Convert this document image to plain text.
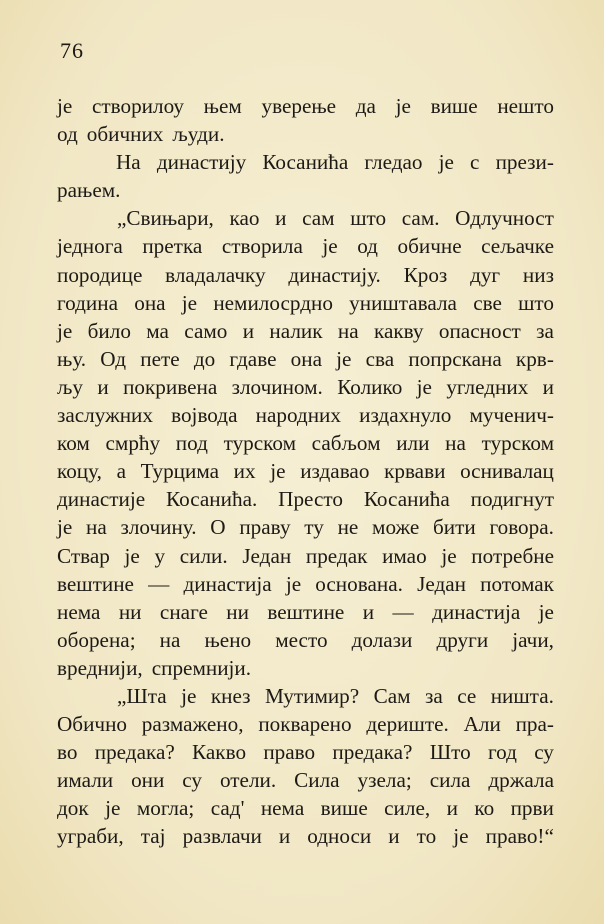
76
је створилоу њем уверење да је више нешто
од обичних људи.
На династију Косанића гледао је с прези-
рањем.
„Свињари, као и сам што сам. Одлучност
једнога претка створила је од обичне сељачке
породице владалачку династију. Кроз дуг низ
година она је немилосрдно уништавала све што
је било ма само и налик на какву опасност за
њу. Од пете до гдаве она је сва попрскана крв-
љу и покривена злочином. Колико је угледних и
заслужних војвода народних издахнуло мученич-
ком смрћу под турском сабљом или на турском
коцу, а Турцима их је издавао крвави оснивалац
династије Косанића. Престо Косанића подигнут
је на злочину. О праву ту не може бити говора.
Ствар је у сили. Један предак имао је потребне
вештине — династија је основана. Један потомак
нема ни снаге ни вештине и — династија је
оборена; на њено место долази други јачи,
вреднији, спремнији.
„Шта је кнез Мутимир? Сам за се ништа.
Обично размажено, покварено дериште. Али пра-
во предака? Какво право предака? Што год су
имали они су отели. Сила узела; сила држала
док је могла; сад' нема више силе, и ко први
уграби, тај развлачи и односи и то је право!“
